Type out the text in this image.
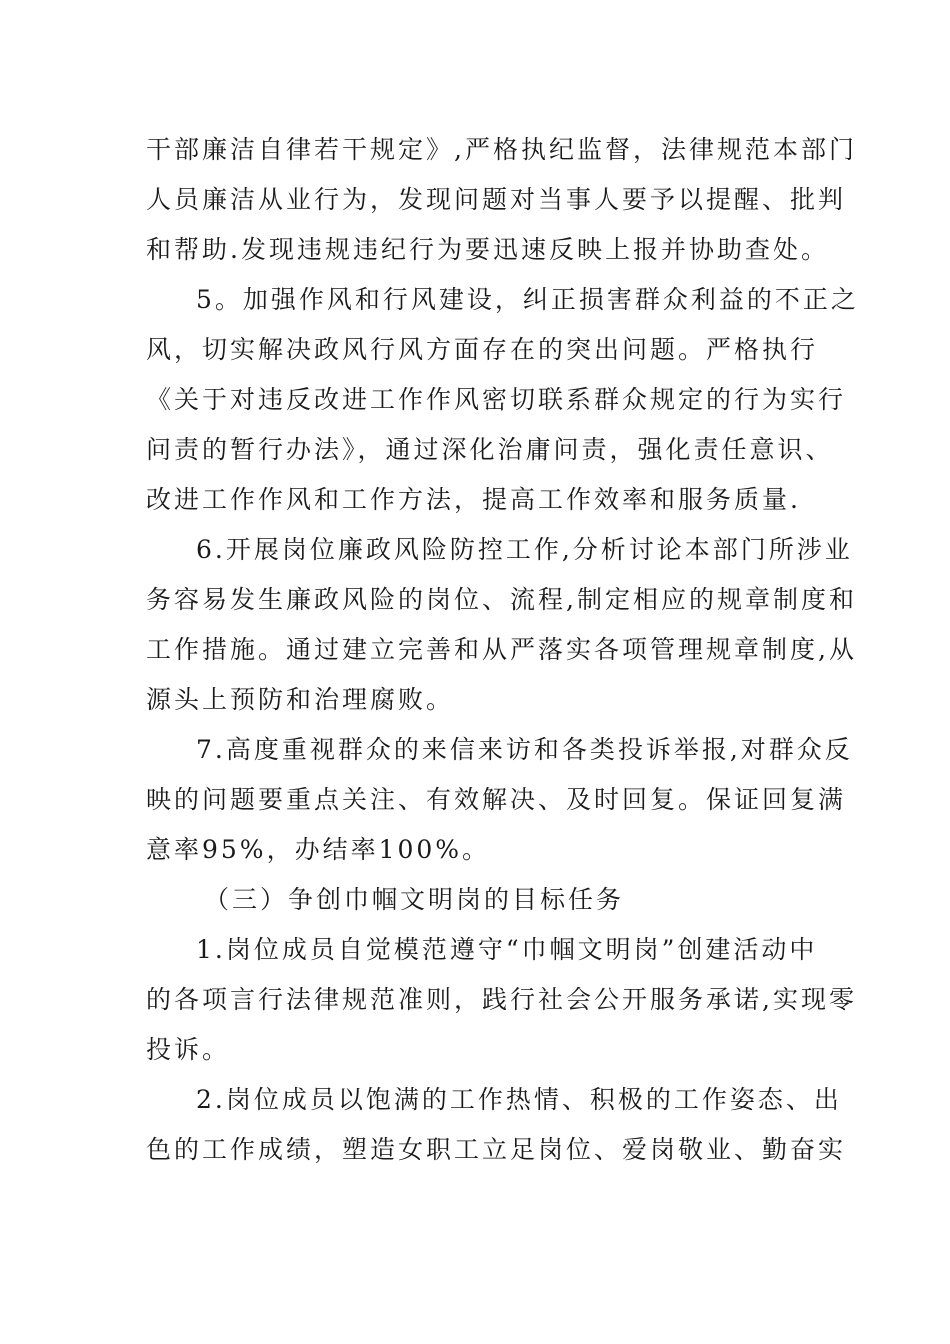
干部廉洁自律若干规定》,严格执纪监督，法律规范本部门
人员廉洁从业行为，发现问题对当事人要予以提醒、批判
和帮助.发现违规违纪行为要迅速反映上报并协助查处。
5。加强作风和行风建设，纠正损害群众利益的不正之
风，切实解决政风行风方面存在的突出问题。严格执行
《关于对违反改进工作作风密切联系群众规定的行为实行
问责的暂行办法》，通过深化治庸问责，强化责任意识、
改进工作作风和工作方法，提高工作效率和服务质量.
6.开展岗位廉政风险防控工作,分析讨论本部门所涉业
务容易发生廉政风险的岗位、流程,制定相应的规章制度和
工作措施。通过建立完善和从严落实各项管理规章制度,从
源头上预防和治理腐败。
7.高度重视群众的来信来访和各类投诉举报,对群众反
映的问题要重点关注、有效解决、及时回复。保证回复满
意率95%，办结率100%。
（三）争创巾帼文明岗的目标任务
1.岗位成员自觉模范遵守“巾帼文明岗”创建活动中
的各项言行法律规范准则，践行社会公开服务承诺,实现零
投诉。
2.岗位成员以饱满的工作热情、积极的工作姿态、出
色的工作成绩，塑造女职工立足岗位、爱岗敬业、勤奋实
